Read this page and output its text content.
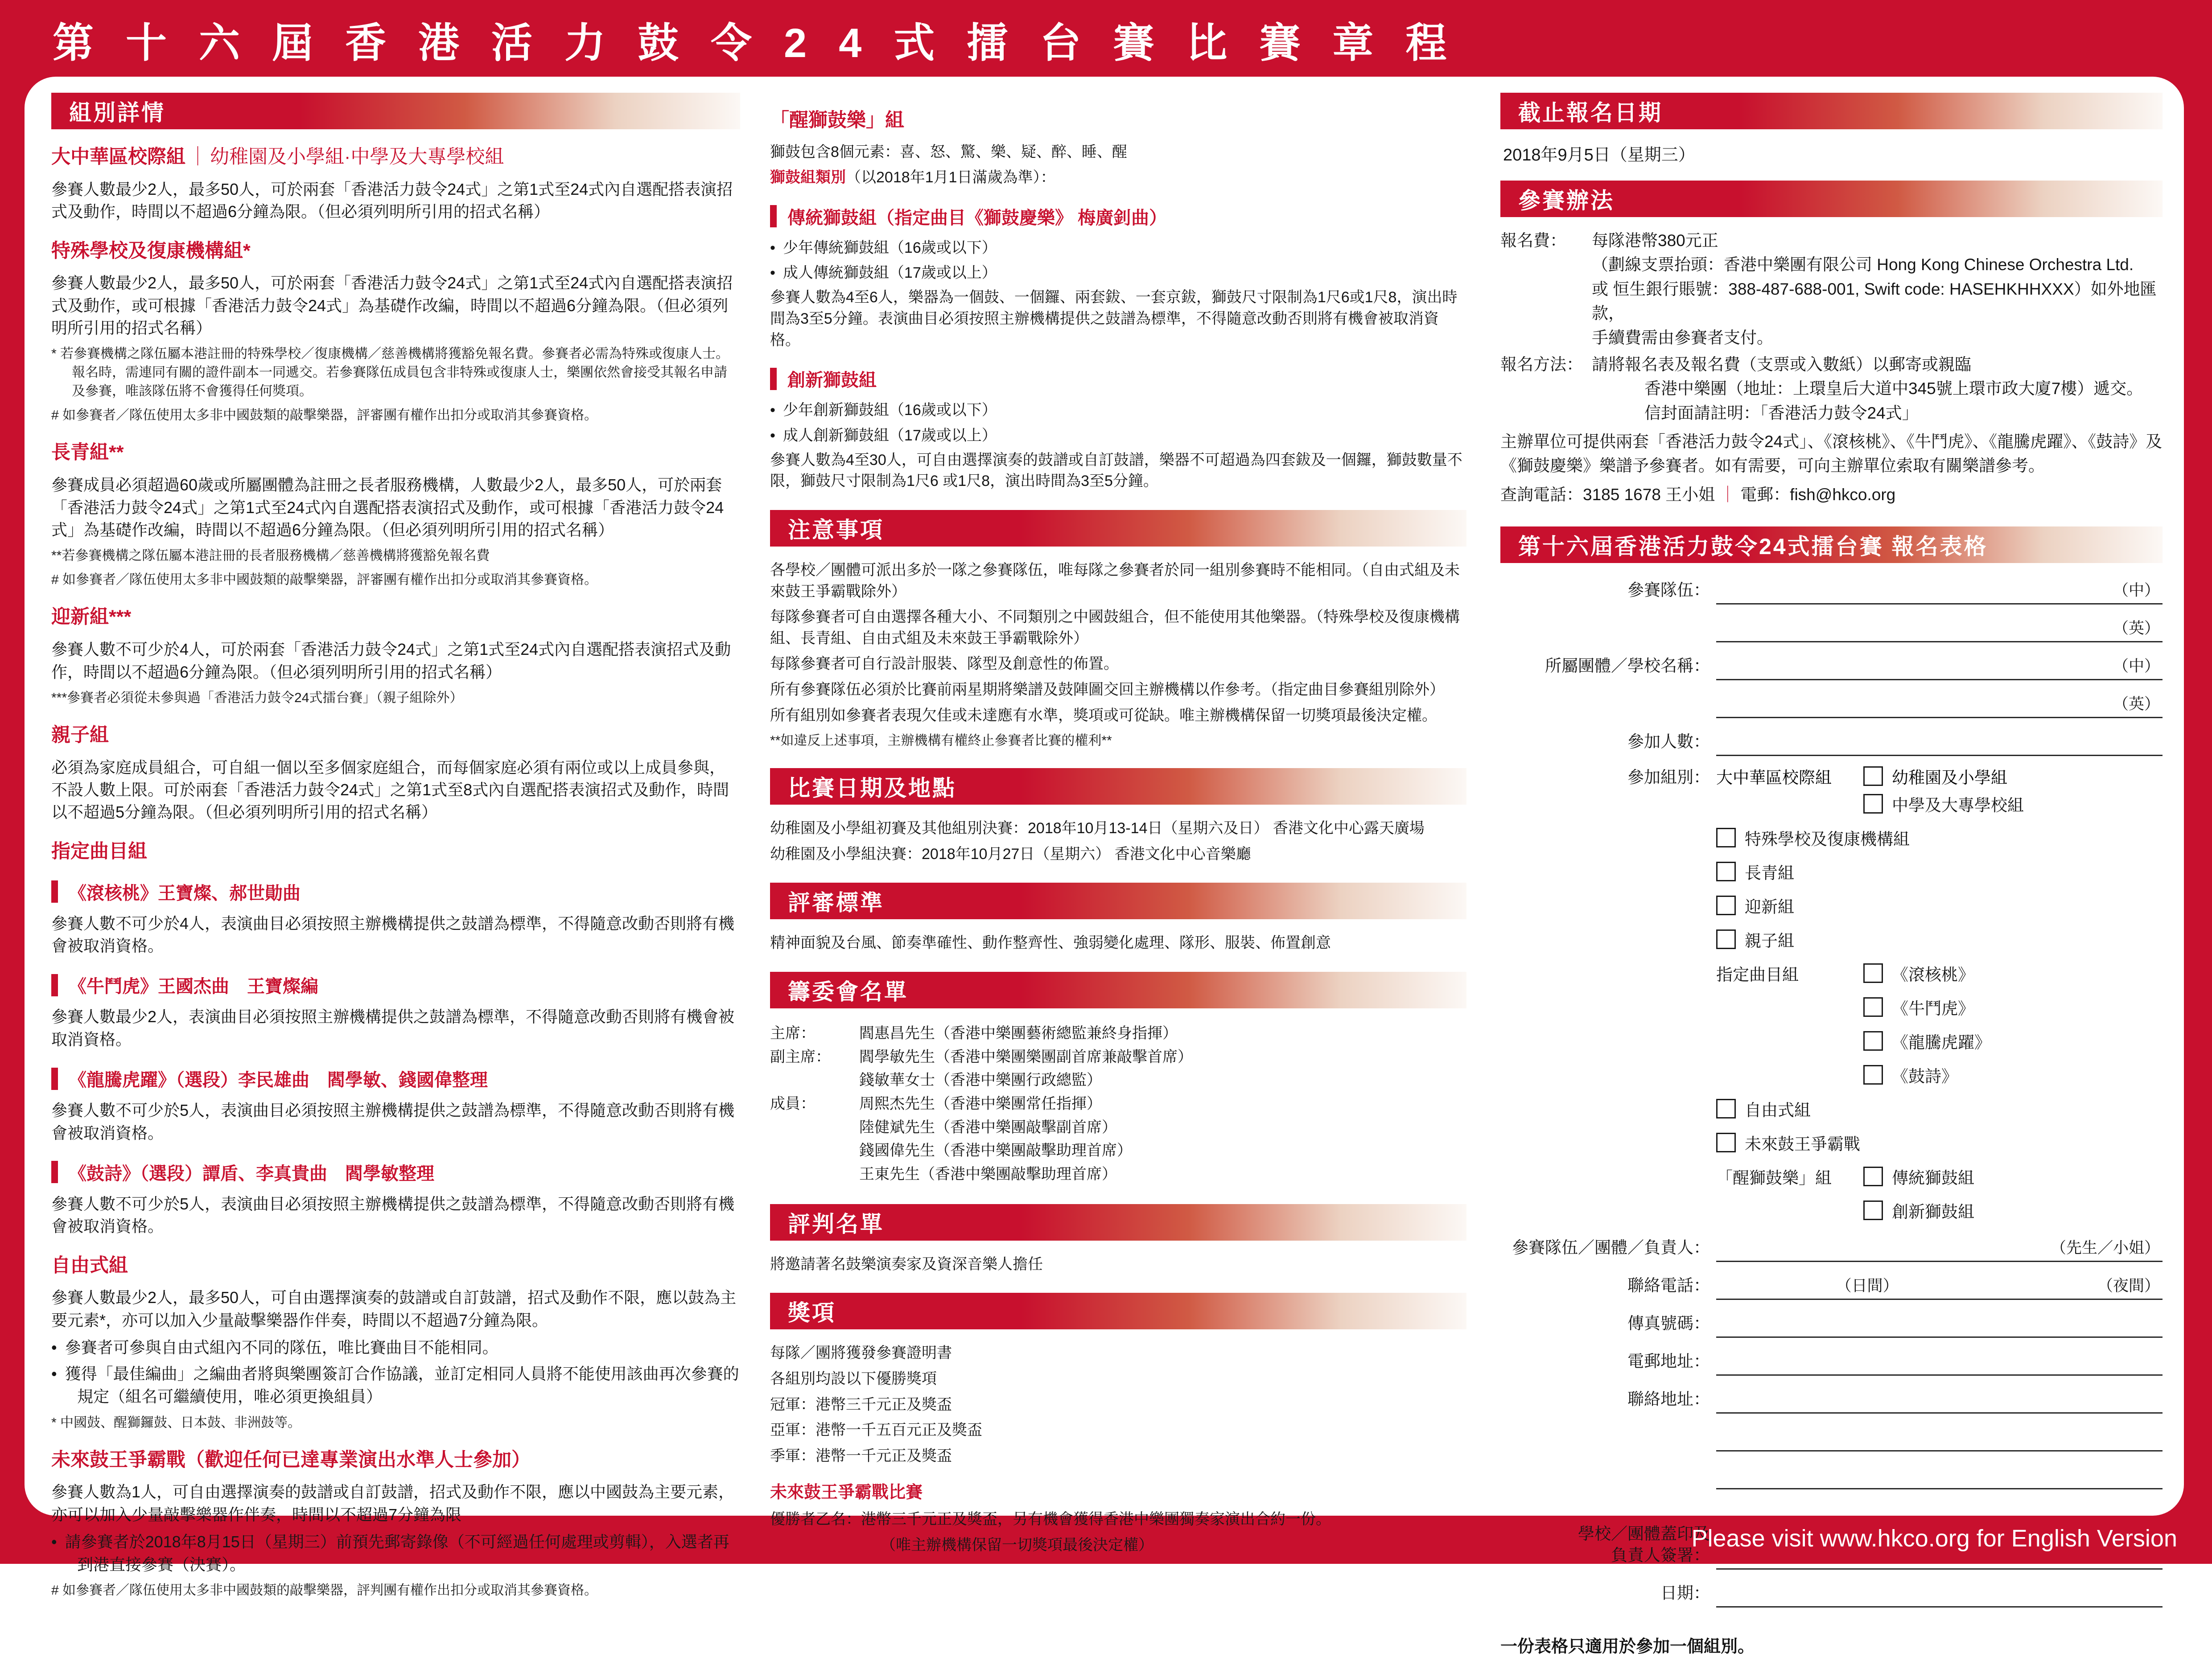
第十六屆香港活力鼓令24式擂台賽比賽章程
組別詳情
大中華區校際組 ｜ 幼稚園及小學組·中學及大專學校組

參賽人數最少2人，最多50人，可於兩套「香港活力鼓令24式」之第1式至24式內自選配搭表演招式及動作，時間以不超過6分鐘為限。（但必須列明所引用的招式名稱）

特殊學校及復康機構組*

參賽人數最少2人，最多50人，可於兩套「香港活力鼓令24式」之第1式至24式內自選配搭表演招式及動作，或可根據「香港活力鼓令24式」為基礎作改編，時間以不超過6分鐘為限。（但必須列明所引用的招式名稱）

* 若參賽機構之隊伍屬本港註冊的特殊學校／復康機構／慈善機構將獲豁免報名費。參賽者必需為特殊或復康人士。報名時，需連同有關的證件副本一同遞交。若參賽隊伍成員包含非特殊或復康人士，樂團依然會接受其報名申請及參賽，唯該隊伍將不會獲得任何獎項。

# 如參賽者／隊伍使用太多非中國鼓類的敲擊樂器，評審團有權作出扣分或取消其參賽資格。

長青組**

參賽成員必須超過60歲或所屬團體為註冊之長者服務機構，人數最少2人，最多50人，可於兩套「香港活力鼓令24式」之第1式至24式內自選配搭表演招式及動作，或可根據「香港活力鼓令24式」為基礎作改編，時間以不超過6分鐘為限。（但必須列明所引用的招式名稱）

**若參賽機構之隊伍屬本港註冊的長者服務機構／慈善機構將獲豁免報名費

# 如參賽者／隊伍使用太多非中國鼓類的敲擊樂器，評審團有權作出扣分或取消其參賽資格。

迎新組***

參賽人數不可少於4人，可於兩套「香港活力鼓令24式」之第1式至24式內自選配搭表演招式及動作，時間以不超過6分鐘為限。（但必須列明所引用的招式名稱）

***參賽者必須從未參與過「香港活力鼓令24式擂台賽」（親子組除外）

親子組

必須為家庭成員組合，可自組一個以至多個家庭組合，而每個家庭必須有兩位或以上成員參與，不設人數上限。可於兩套「香港活力鼓令24式」之第1式至8式內自選配搭表演招式及動作，時間以不超過5分鐘為限。（但必須列明所引用的招式名稱）

指定曲目組
《滾核桃》王寶燦、郝世勛曲

參賽人數不可少於4人，表演曲目必須按照主辦機構提供之鼓譜為標準，不得隨意改動否則將有機會被取消資格。

《牛鬥虎》王國杰曲　王寶燦編

參賽人數最少2人，表演曲目必須按照主辦機構提供之鼓譜為標準，不得隨意改動否則將有機會被取消資格。

《龍騰虎躍》（選段）李民雄曲　閻學敏、錢國偉整理

參賽人數不可少於5人，表演曲目必須按照主辦機構提供之鼓譜為標準，不得隨意改動否則將有機會被取消資格。

《鼓詩》（選段）譚盾、李真貴曲　閻學敏整理

參賽人數不可少於5人，表演曲目必須按照主辦機構提供之鼓譜為標準，不得隨意改動否則將有機會被取消資格。

自由式組

參賽人數最少2人，最多50人，可自由選擇演奏的鼓譜或自訂鼓譜，招式及動作不限，應以鼓為主要元素*，亦可以加入少量敲擊樂器作伴奏，時間以不超過7分鐘為限。

• 參賽者可參與自由式組內不同的隊伍，唯比賽曲目不能相同。
• 獲得「最佳編曲」之編曲者將與樂團簽訂合作協議，並訂定相同人員將不能使用該曲再次參賽的規定（組名可繼續使用，唯必須更換組員）

* 中國鼓、醒獅鑼鼓、日本鼓、非洲鼓等。

未來鼓王爭霸戰（歡迎任何已達專業演出水準人士參加）

參賽人數為1人，可自由選擇演奏的鼓譜或自訂鼓譜，招式及動作不限，應以中國鼓為主要元素，亦可以加入少量敲擊樂器作伴奏，時間以不超過7分鐘為限

• 請參賽者於2018年8月15日（星期三）前預先郵寄錄像（不可經過任何處理或剪輯），入選者再到港直接參賽（決賽）。

# 如參賽者／隊伍使用太多非中國鼓類的敲擊樂器，評判團有權作出扣分或取消其參賽資格。

「醒獅鼓樂」組

獅鼓包含8個元素：喜、怒、驚、樂、疑、醉、睡、醒

獅鼓組類別（以2018年1月1日滿歲為準）：

傳統獅鼓組（指定曲目《獅鼓慶樂》 梅廣釗曲）
• 少年傳統獅鼓組（16歲或以下）
• 成人傳統獅鼓組（17歲或以上）

參賽人數為4至6人，樂器為一個鼓、一個鑼、兩套鈸、一套京鈸，獅鼓尺寸限制為1尺6或1尺8，演出時間為3至5分鐘。表演曲目必須按照主辦機構提供之鼓譜為標準，不得隨意改動否則將有機會被取消資格。

創新獅鼓組
• 少年創新獅鼓組（16歲或以下）
• 成人創新獅鼓組（17歲或以上）

參賽人數為4至30人，可自由選擇演奏的鼓譜或自訂鼓譜，樂器不可超過為四套鈸及一個鑼，獅鼓數量不限，獅鼓尺寸限制為1尺6 或1尺8，演出時間為3至5分鐘。

注意事項

各學校／團體可派出多於一隊之參賽隊伍，唯每隊之參賽者於同一組別參賽時不能相同。（自由式組及未來鼓王爭霸戰除外）

每隊參賽者可自由選擇各種大小、不同類別之中國鼓組合，但不能使用其他樂器。（特殊學校及復康機構組、長青組、自由式組及未來鼓王爭霸戰除外）

每隊參賽者可自行設計服裝、隊型及創意性的佈置。

所有參賽隊伍必須於比賽前兩星期將樂譜及鼓陣圖交回主辦機構以作參考。（指定曲目參賽組別除外）

所有組別如參賽者表現欠佳或未達應有水準，獎項或可從缺。唯主辦機構保留一切獎項最後決定權。

**如違反上述事項，主辦機構有權終止參賽者比賽的權利**

比賽日期及地點

幼稚園及小學組初賽及其他組別決賽：2018年10月13-14日（星期六及日） 香港文化中心露天廣場

幼稚園及小學組決賽：2018年10月27日（星期六） 香港文化中心音樂廳

評審標準

精神面貌及台風、節奏準確性、動作整齊性、強弱變化處理、隊形、服裝、佈置創意

籌委會名單
主席：	閻惠昌先生（香港中樂團藝術總監兼終身指揮）
副主席：	閻學敏先生（香港中樂團樂團副首席兼敲擊首席）
錢敏華女士（香港中樂團行政總監）
成員：	周熙杰先生（香港中樂團常任指揮）
陸健斌先生（香港中樂團敲擊副首席）
錢國偉先生（香港中樂團敲擊助理首席）
王東先生（香港中樂團敲擊助理首席）
評判名單

將邀請著名鼓樂演奏家及資深音樂人擔任

獎項

每隊／團將獲發參賽證明書

各組別均設以下優勝獎項

冠軍：港幣三千元正及獎盃

亞軍：港幣一千五百元正及獎盃

季軍：港幣一千元正及獎盃

未來鼓王爭霸戰比賽

優勝者乙名：港幣三千元正及獎盃，另有機會獲得香港中樂團獨奏家演出合約一份。

（唯主辦機構保留一切獎項最後決定權）

截止報名日期

2018年9月5日（星期三）

參賽辦法
報名費：	每隊港幣380元正
（劃線支票抬頭：香港中樂團有限公司 Hong Kong Chinese Orchestra Ltd.
或 恒生銀行賬號：388-487-688-001, Swift code: HASEHKHHXXX）如外地匯款，
手續費需由參賽者支付。
報名方法： 請將報名表及報名費（支票或入數紙）以郵寄或親臨
香港中樂團（地址：上環皇后大道中345號上環市政大廈7樓）遞交。
信封面請註明：「香港活力鼓令24式」

主辦單位可提供兩套「香港活力鼓令24式」、《滾核桃》、《牛鬥虎》、《龍騰虎躍》、《鼓詩》及《獅鼓慶樂》樂譜予參賽者。如有需要，可向主辦單位索取有關樂譜參考。

查詢電話：3185 1678 王小姐 ｜ 電郵：fish@hkco.org

第十六屆香港活力鼓令24式擂台賽 報名表格
參賽隊伍：	（中）
（英）
所屬團體／學校名稱：	（中）
（英）
參加人數：
參加組別： 大中華區校際組	幼稚園及小學組
中學及大專學校組
特殊學校及復康機構組
長青組
迎新組
親子組
指定曲目組	《滾核桃》
《牛鬥虎》
《龍騰虎躍》
《鼓詩》
自由式組
未來鼓王爭霸戰
「醒獅鼓樂」組	傳統獅鼓組
創新獅鼓組
參賽隊伍／團體／負責人：	（先生／小姐）
聯絡電話：	（日間）	（夜間）
傳真號碼：
電郵地址：
聯絡地址：
學校／團體蓋印及
負責人簽署：
日期：
一份表格只適用於參加一個組別。
Please visit www.hkco.org for English Version
